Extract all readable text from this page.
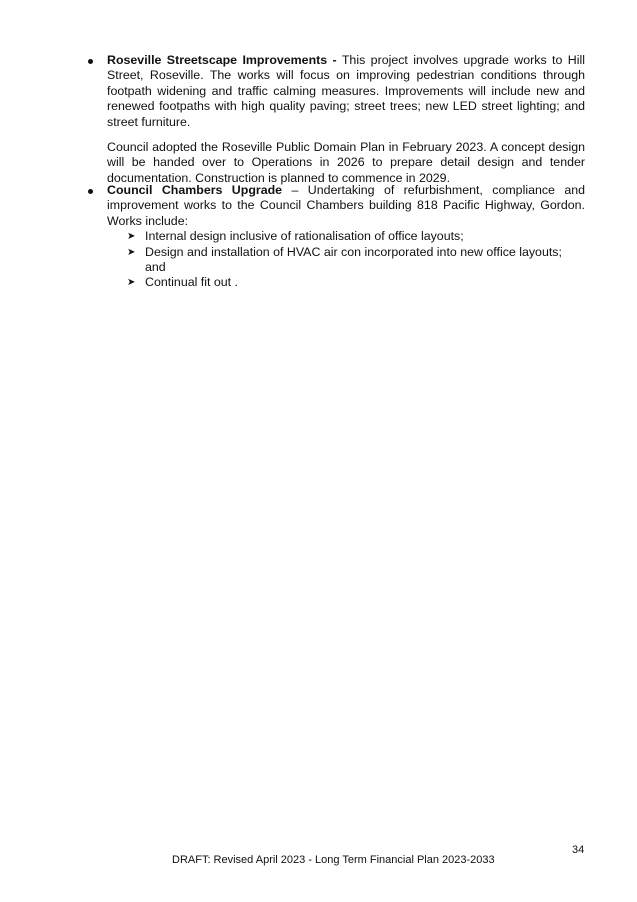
Roseville Streetscape Improvements - This project involves upgrade works to Hill Street, Roseville. The works will focus on improving pedestrian conditions through footpath widening and traffic calming measures. Improvements will include new and renewed footpaths with high quality paving; street trees; new LED street lighting; and street furniture.

Council adopted the Roseville Public Domain Plan in February 2023. A concept design will be handed over to Operations in 2026 to prepare detail design and tender documentation. Construction is planned to commence in 2029.

Council Chambers Upgrade – Undertaking of refurbishment, compliance and improvement works to the Council Chambers building 818 Pacific Highway, Gordon. Works include:

➤ Internal design inclusive of rationalisation of office layouts;
➤ Design and installation of HVAC air con incorporated into new office layouts; and
➤ Continual fit out .
34
DRAFT: Revised April 2023 - Long Term Financial Plan 2023-2033
